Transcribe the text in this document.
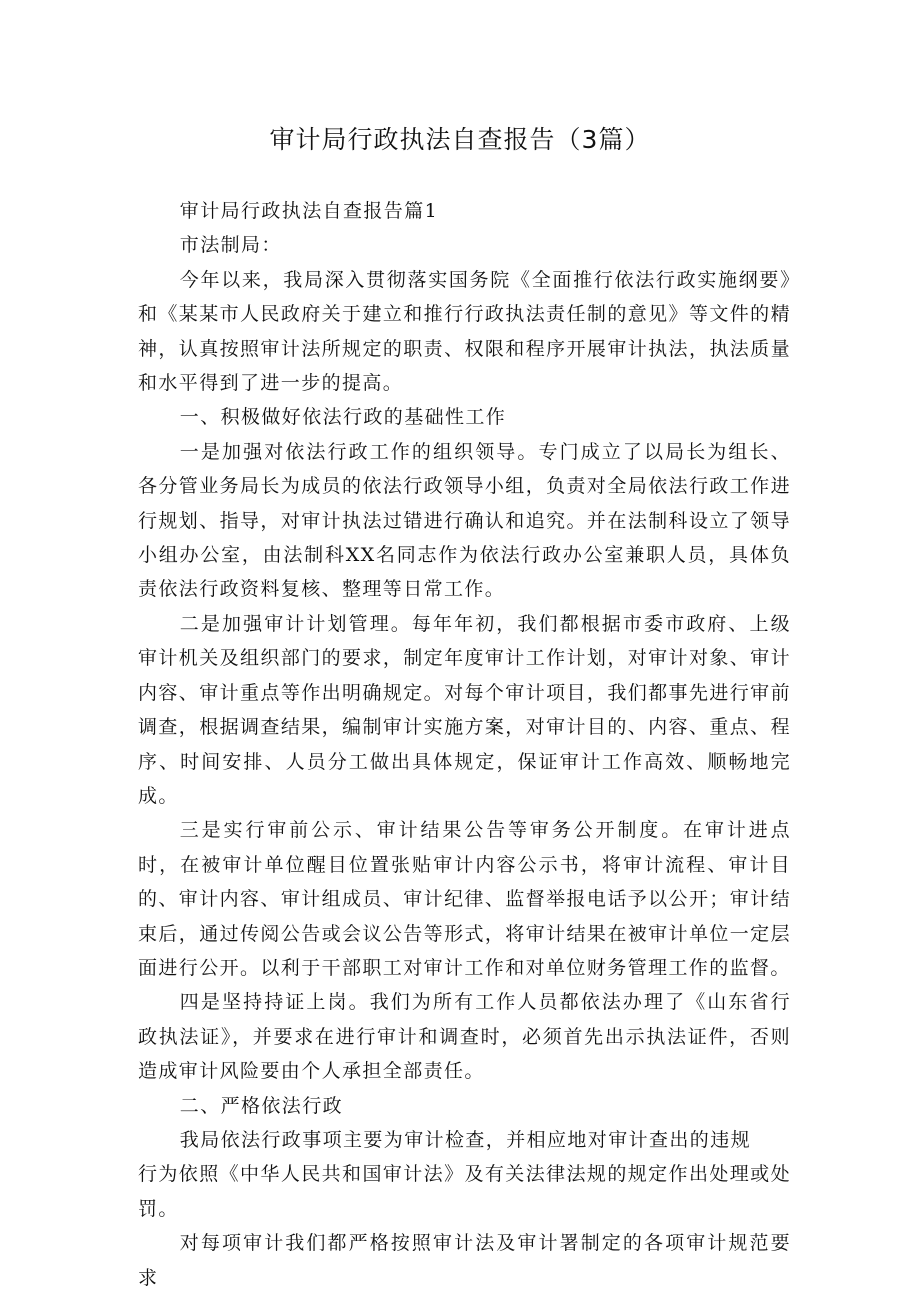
审计局行政执法自查报告（3篇）

审计局行政执法自查报告篇1

市法制局：

今年以来，我局深入贯彻落实国务院《全面推行依法行政实施纲要》和《某某市人民政府关于建立和推行行政执法责任制的意见》等文件的精神，认真按照审计法所规定的职责、权限和程序开展审计执法，执法质量和水平得到了进一步的提高。

一、积极做好依法行政的基础性工作

一是加强对依法行政工作的组织领导。专门成立了以局长为组长、各分管业务局长为成员的依法行政领导小组，负责对全局依法行政工作进行规划、指导，对审计执法过错进行确认和追究。并在法制科设立了领导小组办公室，由法制科XX名同志作为依法行政办公室兼职人员，具体负责依法行政资料复核、整理等日常工作。

二是加强审计计划管理。每年年初，我们都根据市委市政府、上级审计机关及组织部门的要求，制定年度审计工作计划，对审计对象、审计内容、审计重点等作出明确规定。对每个审计项目，我们都事先进行审前调查，根据调查结果，编制审计实施方案，对审计目的、内容、重点、程序、时间安排、人员分工做出具体规定，保证审计工作高效、顺畅地完成。

三是实行审前公示、审计结果公告等审务公开制度。在审计进点时，在被审计单位醒目位置张贴审计内容公示书，将审计流程、审计目的、审计内容、审计组成员、审计纪律、监督举报电话予以公开；审计结束后，通过传阅公告或会议公告等形式，将审计结果在被审计单位一定层面进行公开。以利于干部职工对审计工作和对单位财务管理工作的监督。

四是坚持持证上岗。我们为所有工作人员都依法办理了《山东省行政执法证》，并要求在进行审计和调查时，必须首先出示执法证件，否则造成审计风险要由个人承担全部责任。

二、严格依法行政

我局依法行政事项主要为审计检查，并相应地对审计查出的违规

行为依照《中华人民共和国审计法》及有关法律法规的规定作出处理或处罚。

对每项审计我们都严格按照审计法及审计署制定的各项审计规范要求
